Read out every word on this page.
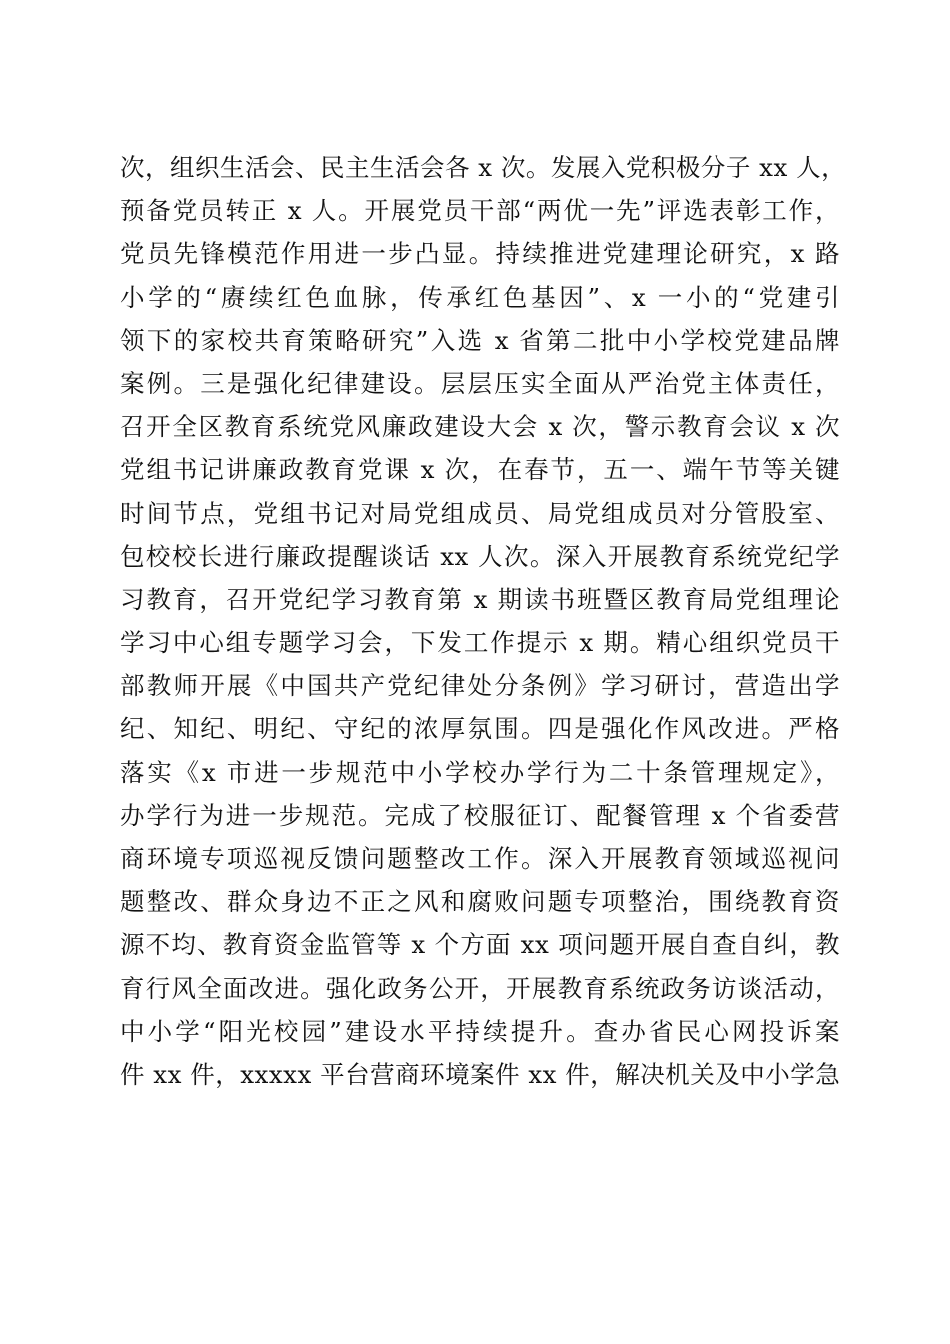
次，组织生活会、民主生活会各 x 次。发展入党积极分子 xx 人，
预备党员转正 x 人。开展党员干部“两优一先”评选表彰工作，
党员先锋模范作用进一步凸显。持续推进党建理论研究，x 路
小学的“赓续红色血脉，传承红色基因”、x 一小的“党建引
领下的家校共育策略研究”入选 x 省第二批中小学校党建品牌
案例。三是强化纪律建设。层层压实全面从严治党主体责任，
召开全区教育系统党风廉政建设大会 x 次，警示教育会议 x 次
党组书记讲廉政教育党课 x 次，在春节，五一、端午节等关键
时间节点，党组书记对局党组成员、局党组成员对分管股室、
包校校长进行廉政提醒谈话 xx 人次。深入开展教育系统党纪学
习教育，召开党纪学习教育第 x 期读书班暨区教育局党组理论
学习中心组专题学习会，下发工作提示 x 期。精心组织党员干
部教师开展《中国共产党纪律处分条例》学习研讨，营造出学
纪、知纪、明纪、守纪的浓厚氛围。四是强化作风改进。严格
落实《x 市进一步规范中小学校办学行为二十条管理规定》，
办学行为进一步规范。完成了校服征订、配餐管理 x 个省委营
商环境专项巡视反馈问题整改工作。深入开展教育领域巡视问
题整改、群众身边不正之风和腐败问题专项整治，围绕教育资
源不均、教育资金监管等 x 个方面 xx 项问题开展自查自纠，教
育行风全面改进。强化政务公开，开展教育系统政务访谈活动，
中小学“阳光校园”建设水平持续提升。查办省民心网投诉案
件 xx 件，xxxxx 平台营商环境案件 xx 件，解决机关及中小学急
